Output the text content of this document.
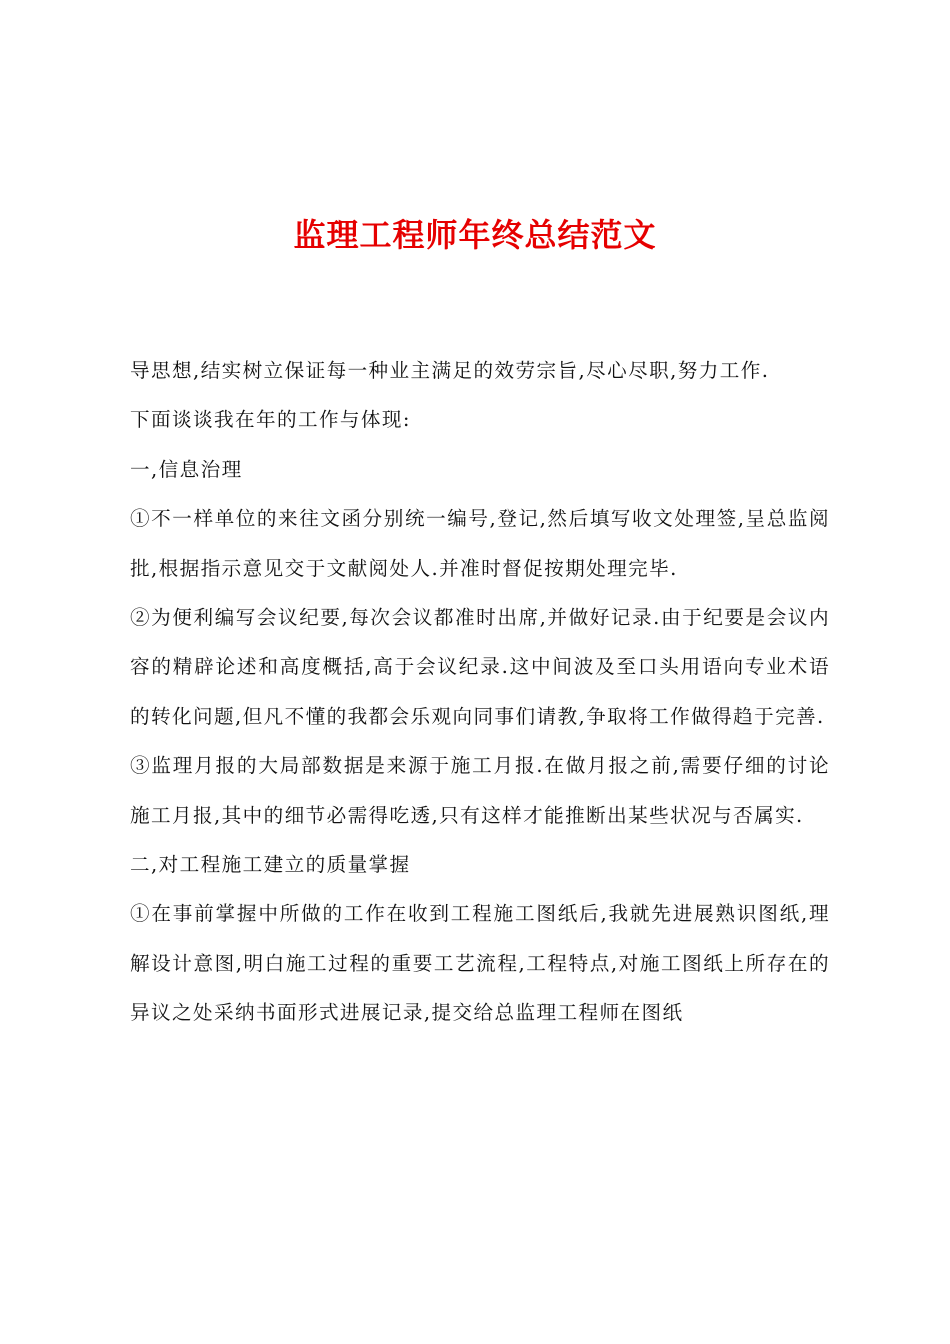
监理工程师年终总结范文

导思想,结实树立保证每一种业主满足的效劳宗旨,尽心尽职,努力工作.

下面谈谈我在年的工作与体现:

一,信息治理

①不一样单位的来往文函分别统一编号,登记,然后填写收文处理签,呈总监阅批,根据指示意见交于文献阅处人.并准时督促按期处理完毕.

②为便利编写会议纪要,每次会议都准时出席,并做好记录.由于纪要是会议内容的精辟论述和高度概括,高于会议纪录.这中间波及至口头用语向专业术语的转化问题,但凡不懂的我都会乐观向同事们请教,争取将工作做得趋于完善.

③监理月报的大局部数据是来源于施工月报.在做月报之前,需要仔细的讨论施工月报,其中的细节必需得吃透,只有这样才能推断出某些状况与否属实.

二,对工程施工建立的质量掌握

①在事前掌握中所做的工作在收到工程施工图纸后,我就先进展熟识图纸,理解设计意图,明白施工过程的重要工艺流程,工程特点,对施工图纸上所存在的异议之处采纳书面形式进展记录,提交给总监理工程师在图纸
